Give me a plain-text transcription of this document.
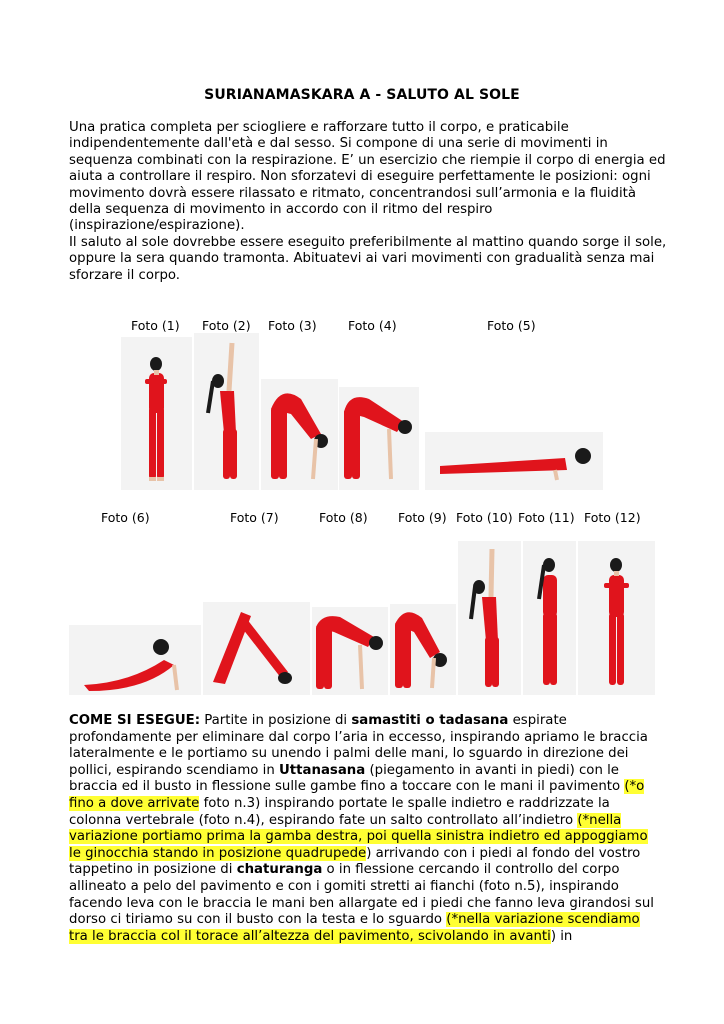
SURIANAMASKARA A - SALUTO AL SOLE

Una pratica completa per sciogliere e rafforzare tutto il corpo, e praticabile indipendentemente dall'età e dal sesso. Si compone di una serie di movimenti in sequenza combinati con la respirazione. E’ un esercizio che riempie il corpo di energia ed aiuta a controllare il respiro. Non sforzatevi di eseguire perfettamente le posizioni: ogni movimento dovrà essere rilassato e ritmato, concentrandosi sull’armonia e la fluidità della sequenza di movimento in accordo con il ritmo del respiro (inspirazione/espirazione).

Il saluto al sole dovrebbe essere eseguito preferibilmente al mattino quando sorge il sole, oppure la sera quando tramonta. Abituatevi ai vari movimenti con gradualità senza mai sforzare il corpo.

Foto (1) Foto (2) Foto (3)	Foto (4)	Foto (5)
Foto (6)	Foto (7)	Foto (8) Foto (9) Foto (10) Foto (11) Foto (12)
COME SI ESEGUE: Partite in posizione di samastiti o tadasana espirate profondamente per eliminare dal corpo l’aria in eccesso, inspirando apriamo le braccia lateralmente e le portiamo su unendo i palmi delle mani, lo sguardo in direzione dei pollici, espirando scendiamo in Uttanasana (piegamento in avanti in piedi) con le braccia ed il busto in flessione sulle gambe fino a toccare con le mani il pavimento (*o fino a dove arrivate foto n.3) inspirando portate le spalle indietro e raddrizzate la colonna vertebrale (foto n.4), espirando fate un salto controllato all’indietro (*nella variazione portiamo prima la gamba destra, poi quella sinistra indietro ed appoggiamo le ginocchia stando in posizione quadrupede) arrivando con i piedi al fondo del vostro tappetino in posizione di chaturanga o in flessione cercando il controllo del corpo allineato a pelo del pavimento e con i gomiti stretti ai fianchi (foto n.5), inspirando facendo leva con le braccia le mani ben allargate ed i piedi che fanno leva girandosi sul dorso ci tiriamo su con il busto con la testa e lo sguardo (*nella variazione scendiamo tra le braccia col il torace all’altezza del pavimento, scivolando in avanti) in
